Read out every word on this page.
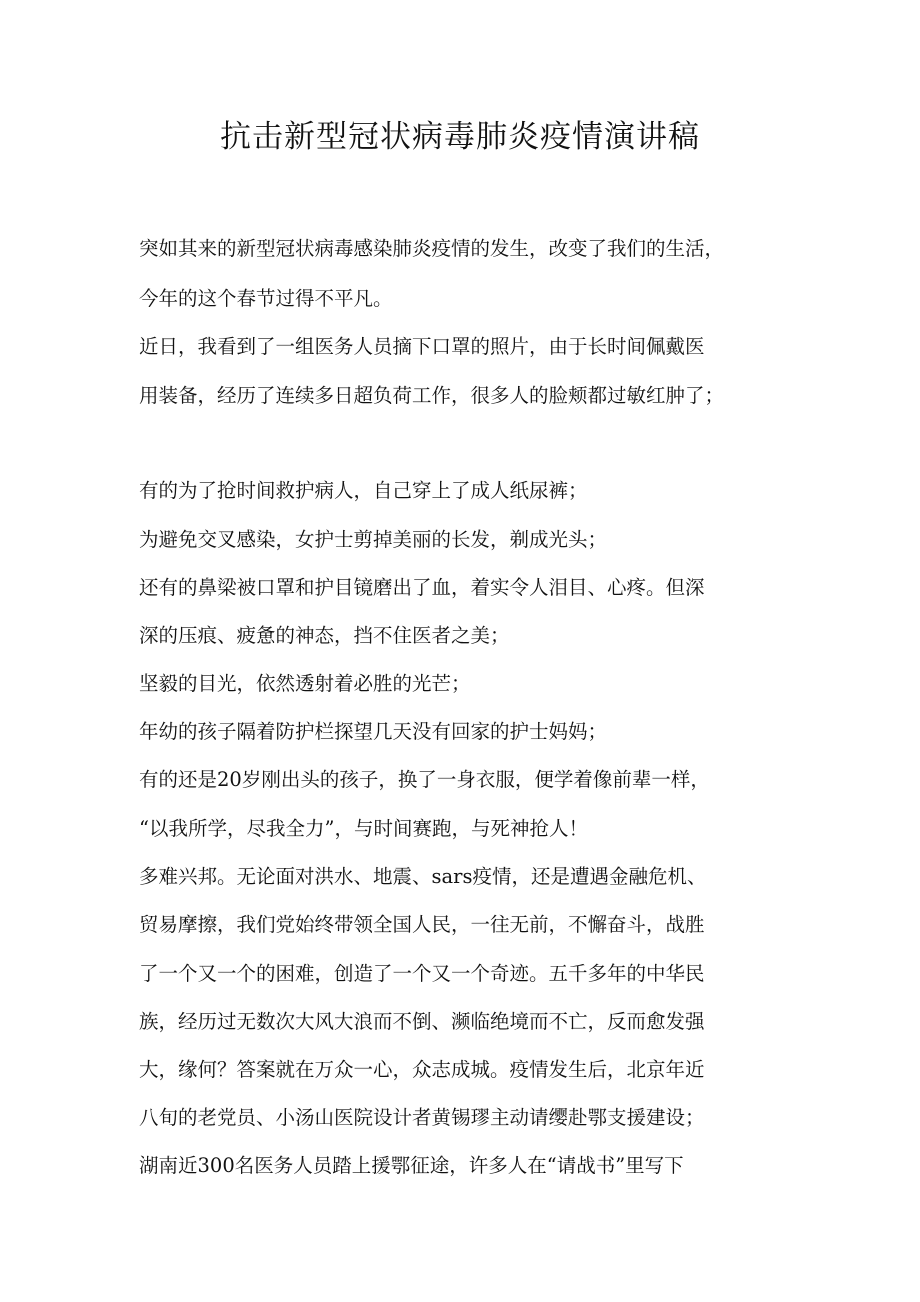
抗击新型冠状病毒肺炎疫情演讲稿
突如其来的新型冠状病毒感染肺炎疫情的发生，改变了我们的生活，
今年的这个春节过得不平凡。
近日，我看到了一组医务人员摘下口罩的照片，由于长时间佩戴医
用装备，经历了连续多日超负荷工作，很多人的脸颊都过敏红肿了；
有的为了抢时间救护病人，自己穿上了成人纸尿裤；
为避免交叉感染，女护士剪掉美丽的长发，剃成光头；
还有的鼻梁被口罩和护目镜磨出了血，着实令人泪目、心疼。但深
深的压痕、疲惫的神态，挡不住医者之美；
坚毅的目光，依然透射着必胜的光芒；
年幼的孩子隔着防护栏探望几天没有回家的护士妈妈；
有的还是20岁刚出头的孩子，换了一身衣服，便学着像前辈一样，
“以我所学，尽我全力”，与时间赛跑，与死神抢人！
多难兴邦。无论面对洪水、地震、sars疫情，还是遭遇金融危机、
贸易摩擦，我们党始终带领全国人民，一往无前，不懈奋斗，战胜
了一个又一个的困难，创造了一个又一个奇迹。五千多年的中华民
族，经历过无数次大风大浪而不倒、濒临绝境而不亡，反而愈发强
大，缘何？答案就在万众一心，众志成城。疫情发生后，北京年近
八旬的老党员、小汤山医院设计者黄锡璆主动请缨赴鄂支援建设；
湖南近300名医务人员踏上援鄂征途，许多人在“请战书”里写下
